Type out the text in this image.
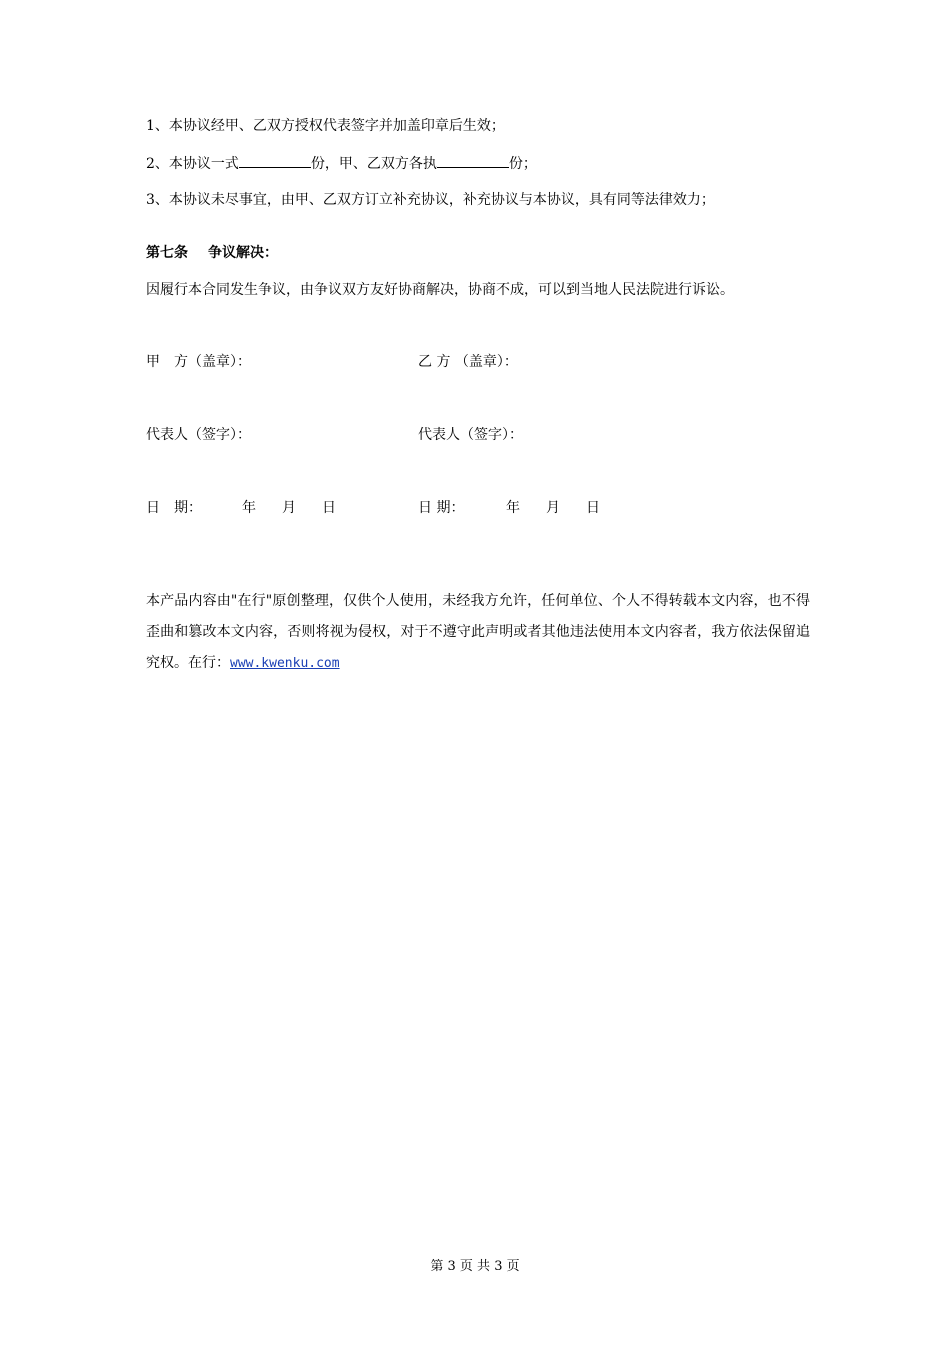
1、本协议经甲、乙双方授权代表签字并加盖印章后生效；
2、本协议一式	份，甲、乙双方各执	份；
3、本协议未尽事宜，由甲、乙双方订立补充协议，补充协议与本协议，具有同等法律效力；
第七条 争议解决：
因履行本合同发生争议，由争议双方友好协商解决，协商不成，可以到当地人民法院进行诉讼。
甲　方（盖章）：	乙 方 （盖章）：
代表人（签字）：	代表人（签字）：
日　期：	年 月 日	日 期：	年 月 日
本产品内容由"在行"原创整理，仅供个人使用，未经我方允许，任何单位、个人不得转载本文内容，也不得歪曲和篡改本文内容，否则将视为侵权，对于不遵守此声明或者其他违法使用本文内容者，我方依法保留追究权。在行：www.kwenku.com
第 3 页 共 3 页
